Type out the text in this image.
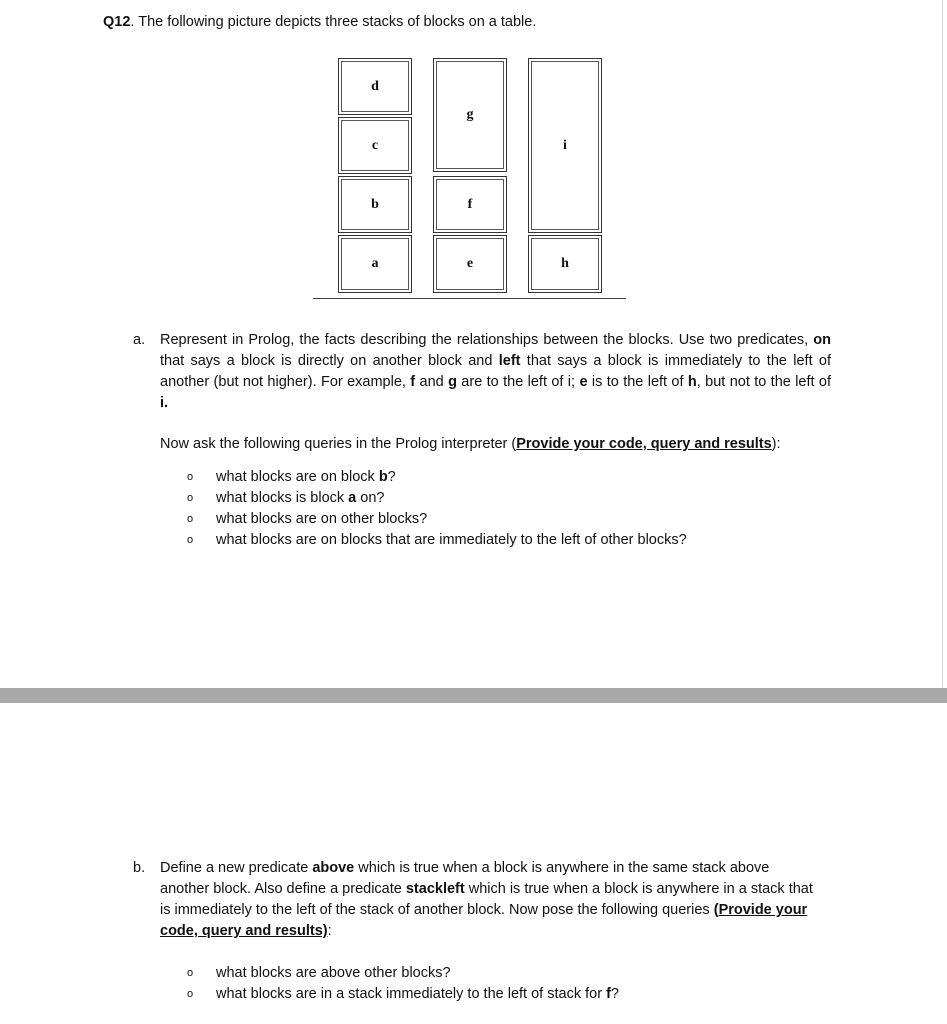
Q12. The following picture depicts three stacks of blocks on a table.
d
c
b
a
g
f
e
i
h
a. Represent in Prolog, the facts describing the relationships between the blocks. Use two predicates, on that says a block is directly on another block and left that says a block is immediately to the left of another (but not higher). For example, f and g are to the left of i; e is to the left of h, but not to the left of i.
Now ask the following queries in the Prolog interpreter (Provide your code, query and results):
o what blocks are on block b?
o what blocks is block a on?
o what blocks are on other blocks?
o what blocks are on blocks that are immediately to the left of other blocks?
b. Define a new predicate above which is true when a block is anywhere in the same stack above another block. Also define a predicate stackleft which is true when a block is anywhere in a stack that is immediately to the left of the stack of another block. Now pose the following queries (Provide your code, query and results):
o what blocks are above other blocks?
o what blocks are in a stack immediately to the left of stack for f?
